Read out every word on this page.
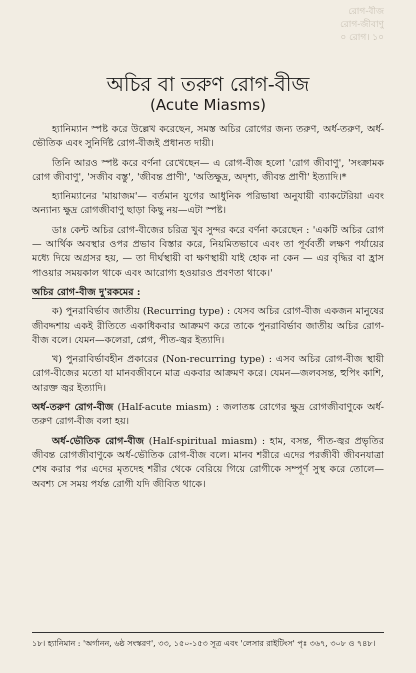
রোগ-বীজ
রোগ-জীবাণু
০ রোগ। ১০
অচির বা তরুণ রোগ-বীজ
(Acute Miasms)

হ্যানিম্যান স্পষ্ট করে উল্লেখ করেছেন, সমস্ত অচির রোগের জন্য তরুণ, অর্ধ-তরুণ, অর্ধ-ভৌতিক এবং সুনির্দিষ্ট রোগ-বীজই প্রধানত দায়ী।

তিনি আরও স্পষ্ট করে বর্ণনা রেখেছেন— এ রোগ-বীজ হলো 'রোগ জীবাণু', 'সংক্রামক রোগ জীবাণু', 'সজীব বস্তু', 'জীবন্ত প্রাণী', 'অতিক্ষুদ্র, অদৃশ্য, জীবন্ত প্রাণী' ইত্যাদি।*

হ্যানিম্যানের 'মায়াজম'— বর্তমান যুগের আধুনিক পরিভাষা অনুযায়ী ব্যাকটেরিয়া এবং অন্যান্য ক্ষুদ্র রোগজীবাণু ছাড়া কিছু নয়—এটা স্পষ্ট।

ডাঃ কেন্ট অচির রোগ-বীজের চরিত্র খুব সুন্দর করে বর্ণনা করেছেন : 'একটি অচির রোগ— আর্থিক অবস্থার ওপর প্রভাব বিস্তার করে, নিয়মিতভাবে এবং তা পূর্ববর্তী লক্ষণ পর্যায়ের মধ্যে দিয়ে অগ্রসর হয়, — তা দীর্ঘস্থায়ী বা ক্ষণস্থায়ী যাই হোক না কেন — এর বৃদ্ধির বা হ্রাস পাওয়ার সময়কাল থাকে এবং আরোগ্য হওয়ারও প্রবণতা থাকে।'

অচির রোগ-বীজ দু'রকমের :

ক) পুনরাবির্ভাব জাতীয় (Recurring type) : যেসব অচির রোগ-বীজ একজন মানুষের জীবদ্দশায় একই রীতিতে একাধিকবার আক্রমণ করে তাকে পুনরাবির্ভাব জাতীয় অচির রোগ-বীজ বলে। যেমন—কলেরা, প্লেগ, পীত-জ্বর ইত্যাদি।

খ) পুনরাবির্ভাবহীন প্রকারের (Non-recurring type) : এসব অচির রোগ-বীজ স্থায়ী রোগ-বীজের মতো যা মানবজীবনে মাত্র একবার আক্রমণ করে। যেমন—জলবসন্ত, হুপিং কাশি, আরক্ত জ্বর ইত্যাদি।

অর্ধ-তরুণ রোগ-বীজ (Half-acute miasm) : জলাতঙ্ক রোগের ক্ষুদ্র রোগজীবাণুকে অর্ধ-তরুণ রোগ-বীজ বলা হয়।

অর্ধ-ভৌতিক রোগ-বীজ (Half-spiritual miasm) : হাম, বসন্ত, পীত-জ্বর প্রভৃতির জীবন্ত রোগজীবাণুকে অর্ধ-ভৌতিক রোগ-বীজ বলে। মানব শরীরে এদের পরজীবী জীবনযাত্রা শেষ করার পর এদের মৃতদেহ শরীর থেকে বেরিয়ে গিয়ে রোগীকে সম্পূর্ণ সুস্থ করে তোলে— অবশ্য সে সময় পর্যন্ত রোগী যদি জীবিত থাকে।

১৮। হ্যানিমান : 'অর্গানন, ৬ষ্ঠ সংস্করণ', ৩৩, ১৫০-১৫৩ সূত্র এবং 'লেসার রাইটিংস' পৃঃ ৩৬৭, ৩০৮ ও ৭৪৮।
